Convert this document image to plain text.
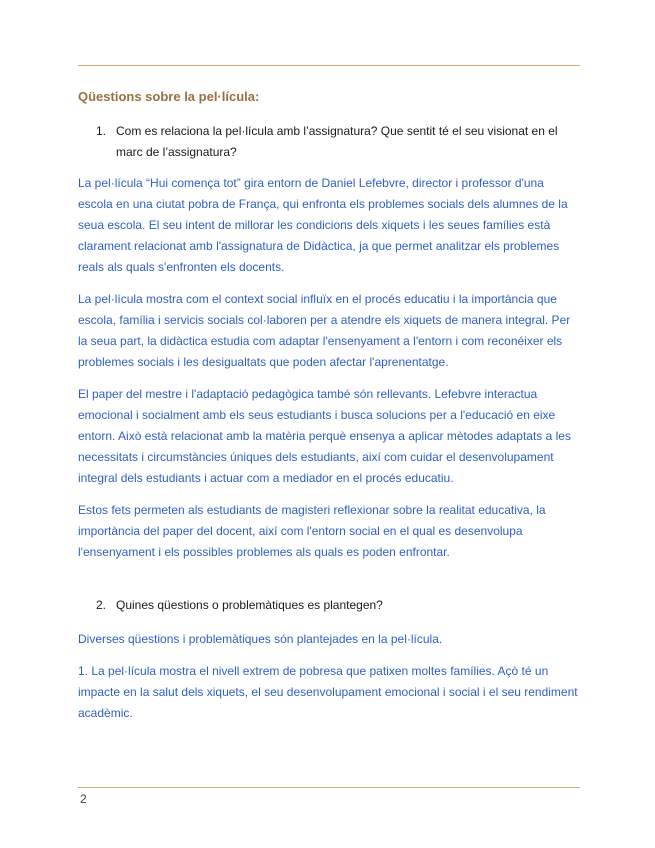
Qüestions sobre la pel·lícula:
1. Com es relaciona la pel·lícula amb l’assignatura? Que sentit té el seu visionat en el marc de l’assignatura?

La pel·lícula “Hui comença tot” gira entorn de Daniel Lefebvre, director i professor d'una escola en una ciutat pobra de França, qui enfronta els problemes socials dels alumnes de la seua escola. El seu intent de millorar les condicions dels xiquets i les seues famílies està clarament relacionat amb l'assignatura de Didàctica, ja que permet analitzar els problemes reals als quals s'enfronten els docents.

La pel·lícula mostra com el context social influïx en el procés educatiu i la importància que escola, família i servicis socials col·laboren per a atendre els xiquets de manera integral. Per la seua part, la didàctica estudia com adaptar l'ensenyament a l'entorn i com reconéixer els problemes socials i les desigualtats que poden afectar l'aprenentatge.

El paper del mestre i l'adaptació pedagògica també són rellevants. Lefebvre interactua emocional i socialment amb els seus estudiants i busca solucions per a l'educació en eixe entorn. Això està relacionat amb la matèria perquè ensenya a aplicar mètodes adaptats a les necessitats i circumstàncies úniques dels estudiants, així com cuidar el desenvolupament integral dels estudiants i actuar com a mediador en el procés educatiu.

Estos fets permeten als estudiants de magisteri reflexionar sobre la realitat educativa, la importància del paper del docent, així com l'entorn social en el qual es desenvolupa l'ensenyament i els possibles problemes als quals es poden enfrontar.

2. Quines qüestions o problemàtiques es plantegen?

Diverses qüestions i problemàtiques són plantejades en la pel·lícula.

1. La pel·lícula mostra el nivell extrem de pobresa que patixen moltes famílies. Açò té un impacte en la salut dels xiquets, el seu desenvolupament emocional i social i el seu rendiment acadèmic.

2
